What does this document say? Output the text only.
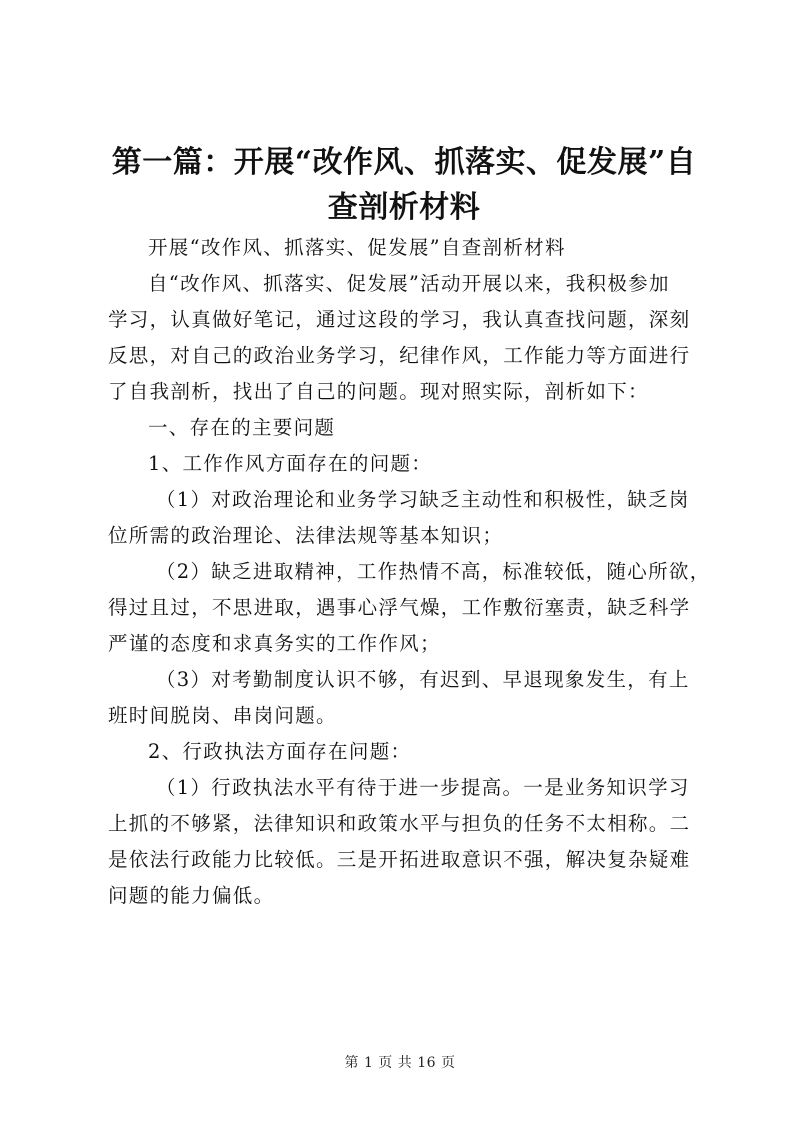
第一篇：开展“改作风、抓落实、促发展”自
查剖析材料
开展“改作风、抓落实、促发展”自查剖析材料
自“改作风、抓落实、促发展”活动开展以来，我积极参加
学习，认真做好笔记，通过这段的学习，我认真查找问题，深刻
反思，对自己的政治业务学习，纪律作风，工作能力等方面进行
了自我剖析，找出了自己的问题。现对照实际，剖析如下：
一、存在的主要问题
1、工作作风方面存在的问题：
（1）对政治理论和业务学习缺乏主动性和积极性，缺乏岗
位所需的政治理论、法律法规等基本知识；
（2）缺乏进取精神，工作热情不高，标准较低，随心所欲，
得过且过，不思进取，遇事心浮气燥，工作敷衍塞责，缺乏科学
严谨的态度和求真务实的工作作风；
（3）对考勤制度认识不够，有迟到、早退现象发生，有上
班时间脱岗、串岗问题。
2、行政执法方面存在问题：
（1）行政执法水平有待于进一步提高。一是业务知识学习
上抓的不够紧，法律知识和政策水平与担负的任务不太相称。二
是依法行政能力比较低。三是开拓进取意识不强，解决复杂疑难
问题的能力偏低。
第 1 页 共 16 页
